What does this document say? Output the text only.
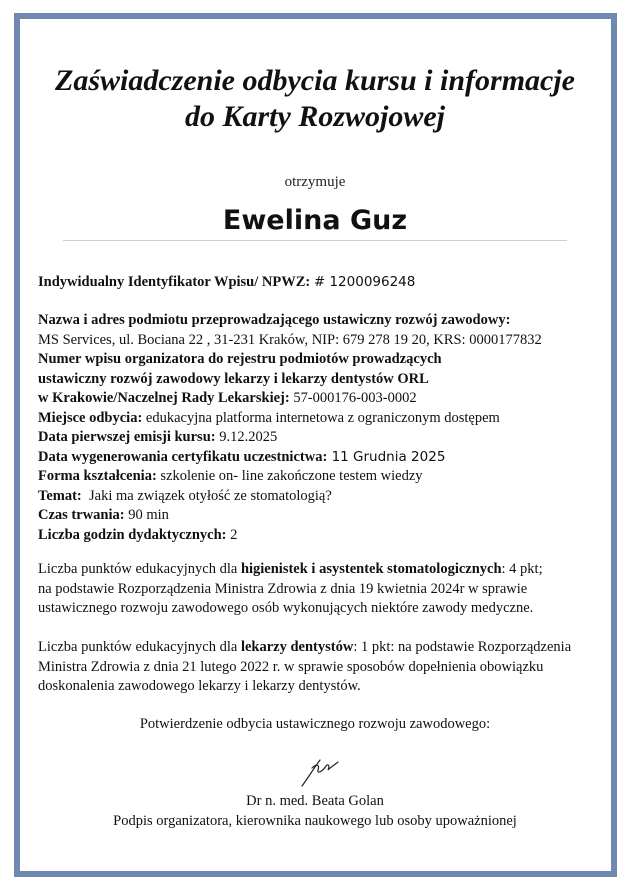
Zaświadczenie odbycia kursu i informacje
do Karty Rozwojowej
otrzymuje
Ewelina Guz
Indywidualny Identyfikator Wpisu/ NPWZ: # 1200096248

Nazwa i adres podmiotu przeprowadzającego ustawiczny rozwój zawodowy:

MS Services, ul. Bociana 22 , 31-231 Kraków, NIP: 679 278 19 20, KRS: 0000177832

Numer wpisu organizatora do rejestru podmiotów prowadzących

ustawiczny rozwój zawodowy lekarzy i lekarzy dentystów ORL

w Krakowie/Naczelnej Rady Lekarskiej: 57-000176-003-0002

Miejsce odbycia: edukacyjna platforma internetowa z ograniczonym dostępem

Data pierwszej emisji kursu: 9.12.2025

Data wygenerowania certyfikatu uczestnictwa: 11 Grudnia 2025

Forma kształcenia: szkolenie on- line zakończone testem wiedzy

Temat:  Jaki ma związek otyłość ze stomatologią?

Czas trwania: 90 min

Liczba godzin dydaktycznych: 2

Liczba punktów edukacyjnych dla higienistek i asystentek stomatologicznych: 4 pkt;

na podstawie Rozporządzenia Ministra Zdrowia z dnia 19 kwietnia 2024r w sprawie

ustawicznego rozwoju zawodowego osób wykonujących niektóre zawody medyczne.

Liczba punktów edukacyjnych dla lekarzy dentystów: 1 pkt: na podstawie Rozporządzenia

Ministra Zdrowia z dnia 21 lutego 2022 r. w sprawie sposobów dopełnienia obowiązku

doskonalenia zawodowego lekarzy i lekarzy dentystów.

Potwierdzenie odbycia ustawicznego rozwoju zawodowego:
Dr n. med. Beata Golan
Podpis organizatora, kierownika naukowego lub osoby upoważnionej
